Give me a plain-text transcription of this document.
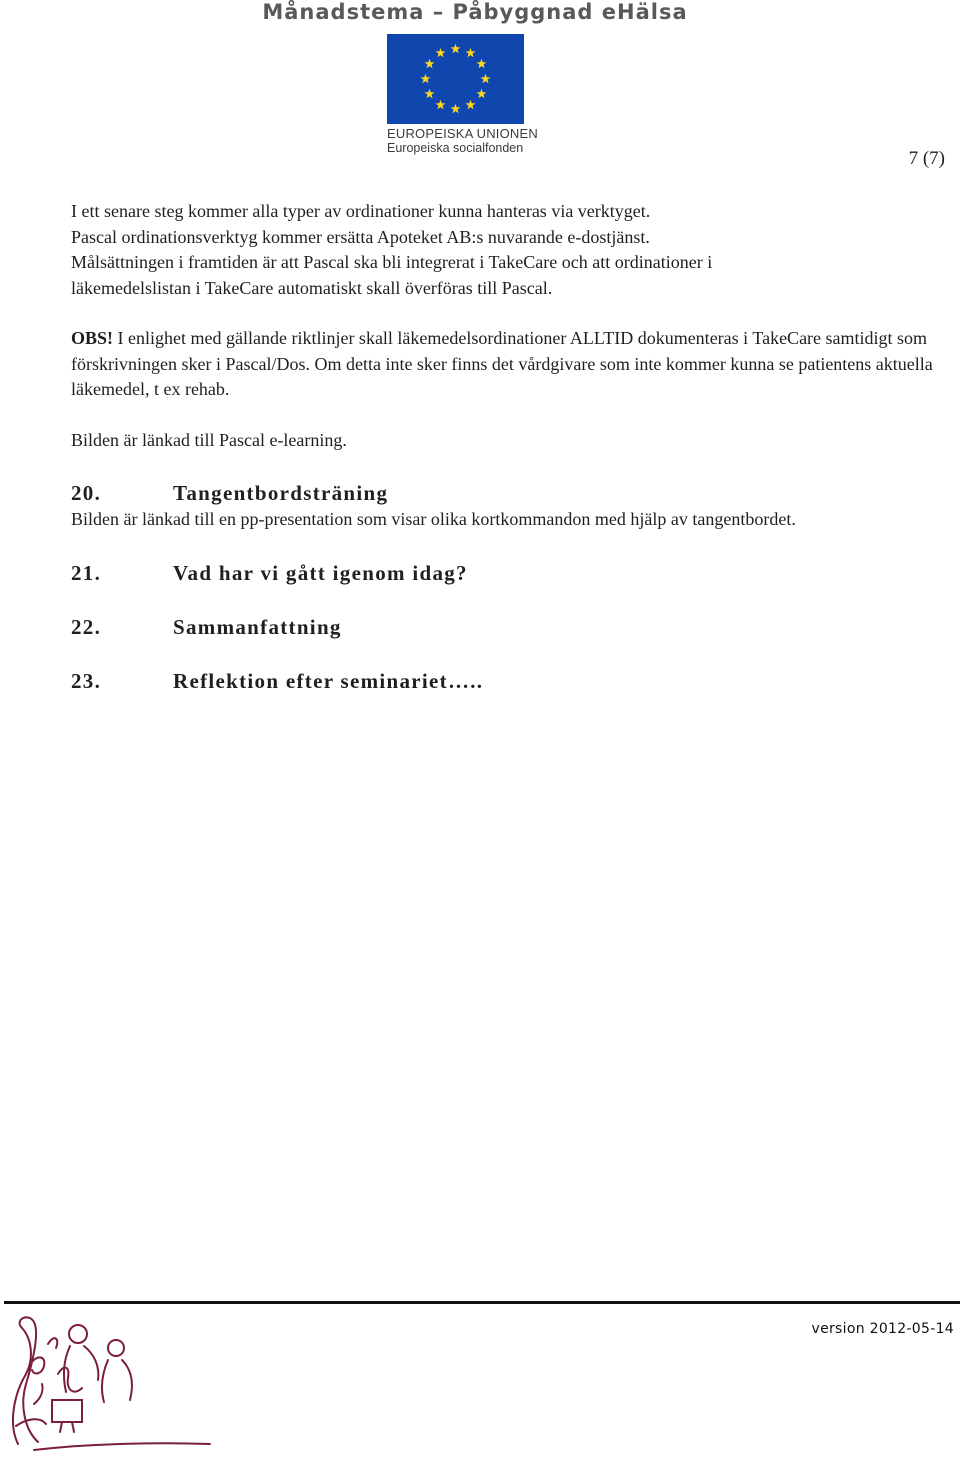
Månadstema – Påbyggnad eHälsa
EUROPEISKA UNIONEN
Europeiska socialfonden	7 (7)

I ett senare steg kommer alla typer av ordinationer kunna hanteras via verktyget.
Pascal ordinationsverktyg kommer ersätta Apoteket AB:s nuvarande e-dostjänst.
Målsättningen i framtiden är att Pascal ska bli integrerat i TakeCare och att ordinationer i
läkemedelslistan i TakeCare automatiskt skall överföras till Pascal.

OBS! I enlighet med gällande riktlinjer skall läkemedelsordinationer ALLTID dokumenteras i TakeCare samtidigt som förskrivningen sker i Pascal/Dos. Om detta inte sker finns det vårdgivare som inte kommer kunna se patientens aktuella läkemedel, t ex rehab.

Bilden är länkad till Pascal e-learning.

20.	Tangentbordsträning

Bilden är länkad till en pp-presentation som visar olika kortkommandon med hjälp av tangentbordet.

21.	Vad har vi gått igenom idag?
22.	Sammanfattning
23.	Reflektion efter seminariet…..
version 2012-05-14
